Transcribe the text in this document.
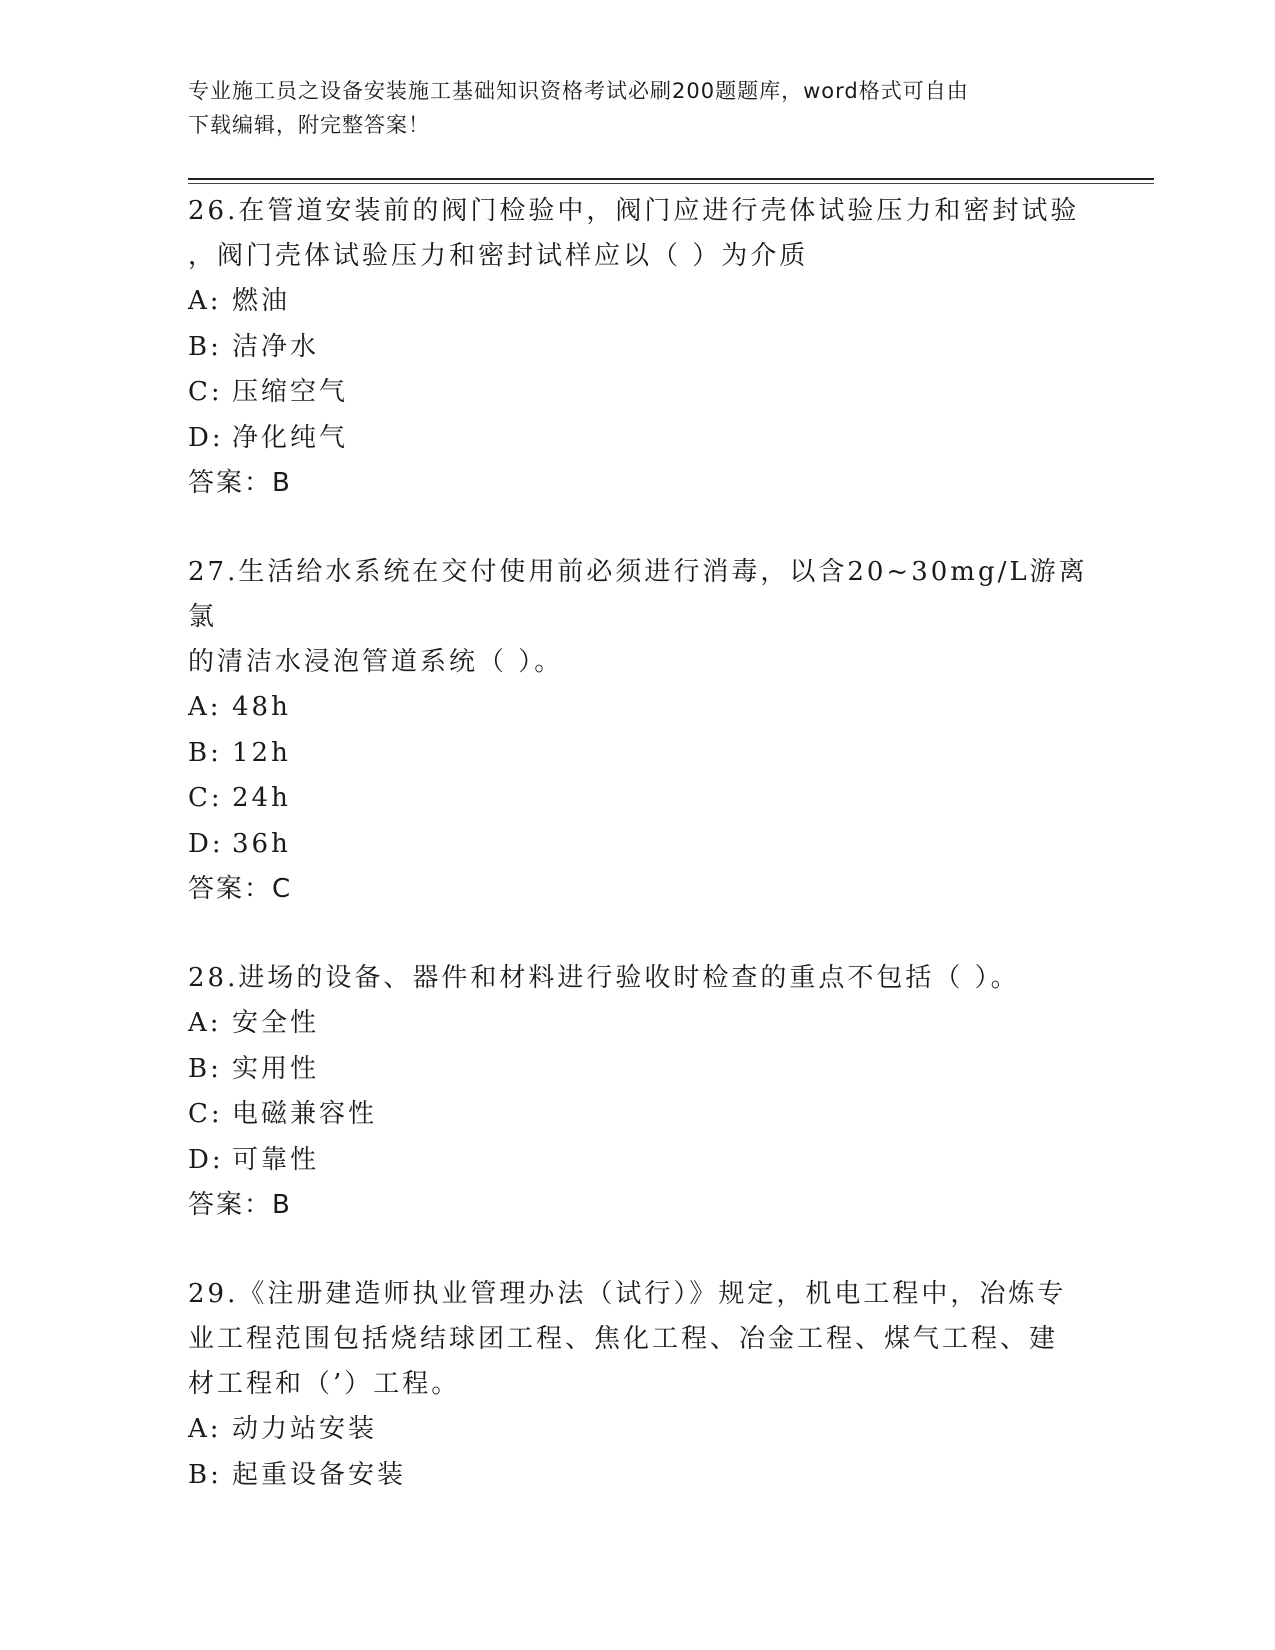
专业施工员之设备安装施工基础知识资格考试必刷200题题库，word格式可自由
下载编辑，附完整答案！

26.在管道安装前的阀门检验中，阀门应进行壳体试验压力和密封试验

，阀门壳体试验压力和密封试样应以（ ）为介质

A: 燃油

B: 洁净水

C: 压缩空气

D: 净化纯气

答案：B

27.生活给水系统在交付使用前必须进行消毒，以含20~30mg/L游离氯

的清洁水浸泡管道系统（ ）。

A: 48h

B: 12h

C: 24h

D: 36h

答案：C

28.进场的设备、器件和材料进行验收时检查的重点不包括（ ）。

A: 安全性

B: 实用性

C: 电磁兼容性

D: 可靠性

答案：B

29.《注册建造师执业管理办法（试行）》规定，机电工程中，冶炼专

业工程范围包括烧结球团工程、焦化工程、冶金工程、煤气工程、建

材工程和（’）工程。

A: 动力站安装

B: 起重设备安装
